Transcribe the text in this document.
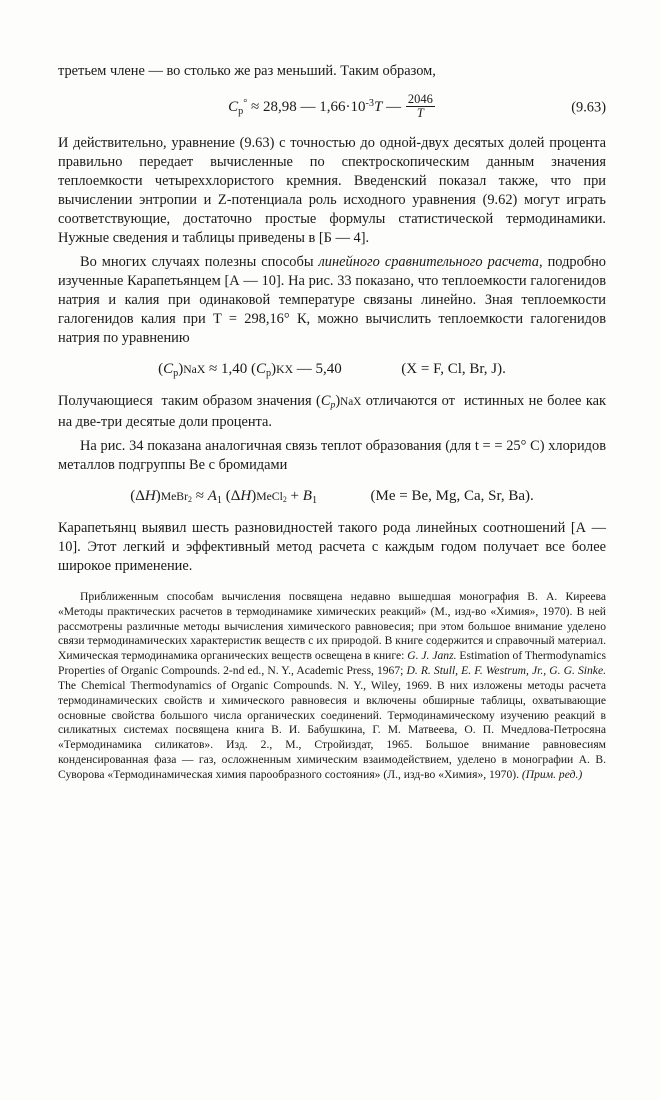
третьем члене — во столько же раз меньший. Таким образом,

$C_p^\circ \approx 28,98$ — $1,66\cdot 10^{-3}T$ — $\frac{2046}{T}$	(9.63)

И действительно, уравнение (9.63) с точностью до одной-двух десятых долей процента правильно передает вычисленные по спектроскопическим данным значения теплоемкости четыреххлористого кремния. Введенский показал также, что при вычислении энтропии и Z-потенциала роль исходного уравнения (9.62) могут играть соответствующие, достаточно простые формулы статистической термодинамики. Нужные сведения и таблицы приведены в [Б — 4].

Во многих случаях полезны способы линейного сравнительного расчета, подробно изученные Карапетьянцем [А — 10]. На рис. 33 показано, что теплоемкости галогенидов натрия и калия при одинаковой температуре связаны линейно. Зная теплоемкости галогенидов калия при T = 298,16° К, можно вычислить теплоемкости галогенидов натрия по уравнению

$(C_p)NaX \approx 1,40$ $(C_p)KX$ — 5,40	(X = F, Cl, Br, J).

Получающиеся  таким образом значения $(C_p)NaX$ отличаются от  истинных не более как на две-три десятые доли процента.

На рис. 34 показана аналогичная связь теплот образования (для t = = 25° С) хлоридов металлов подгруппы Ве с бромидами

(ΔH)MeBr$_2$ ≈ $A_1$ (ΔH)MeCl$_2$ + $B_1$	(Me = Be, Mg, Ca, Sr, Ba).

Карапетьянц выявил шесть разновидностей такого рода линейных соотношений [А — 10]. Этот легкий и эффективный метод расчета с каждым годом получает все более широкое применение.

Приближенным способам вычисления посвящена недавно вышедшая монография В. А. Киреева «Методы практических расчетов в термодинамике химических реакций» (М., изд-во «Химия», 1970). В ней рассмотрены различные методы вычисления химического равновесия; при этом большое внимание уделено связи термодинамических характеристик веществ с их природой. В книге содержится и справочный материал. Химическая термодинамика органических веществ освещена в книге: G. J. Janz. Estimation of Thermodynamics Properties of Organic Compounds. 2-nd ed., N. Y., Academic Press, 1967; D. R. Stull, E. F. Westrum, Jr., G. G. Sinke. The Chemical Thermodynamics of Organic Compounds. N. Y., Wiley, 1969. В них изложены методы расчета термодинамических свойств и химического равновесия и включены обширные таблицы, охватывающие основные свойства большого числа органических соединений. Термодинамическому изучению реакций в силикатных системах посвящена книга В. И. Бабушкина, Г. М. Матвеева, О. П. Мчедлова-Петросяна «Термодинамика силикатов». Изд. 2., М., Стройиздат, 1965. Большое внимание равновесиям конденсированная фаза — газ, осложненным химическим взаимодействием, уделено в монографии А. В. Суворова «Термодинамическая химия парообразного состояния» (Л., изд-во «Химия», 1970). (Прим. ред.)
